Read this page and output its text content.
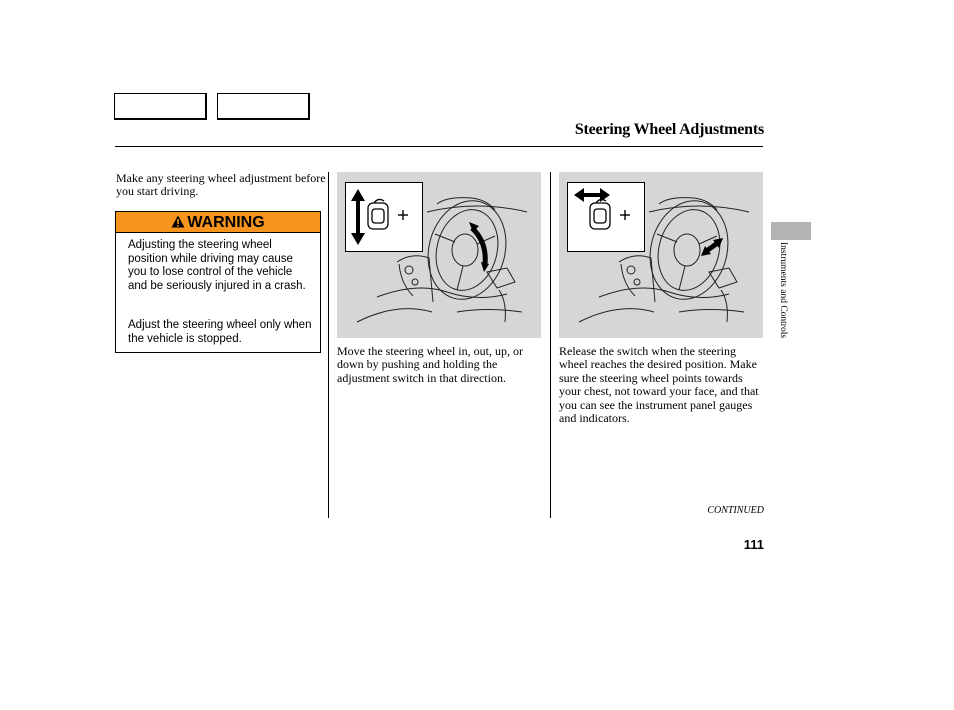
Steering Wheel Adjustments
Make any steering wheel adjustment before you start driving.
WARNING
Adjusting the steering wheel position while driving may cause you to lose control of the vehicle and be seriously injured in a crash.
Adjust the steering wheel only when the vehicle is stopped.
Move the steering wheel in, out, up, or down by pushing and holding the adjustment switch in that direction.
Release the switch when the steering wheel reaches the desired position. Make sure the steering wheel points towards your chest, not toward your face, and that you can see the instrument panel gauges and indicators.
CONTINUED
111
Instruments and Controls
